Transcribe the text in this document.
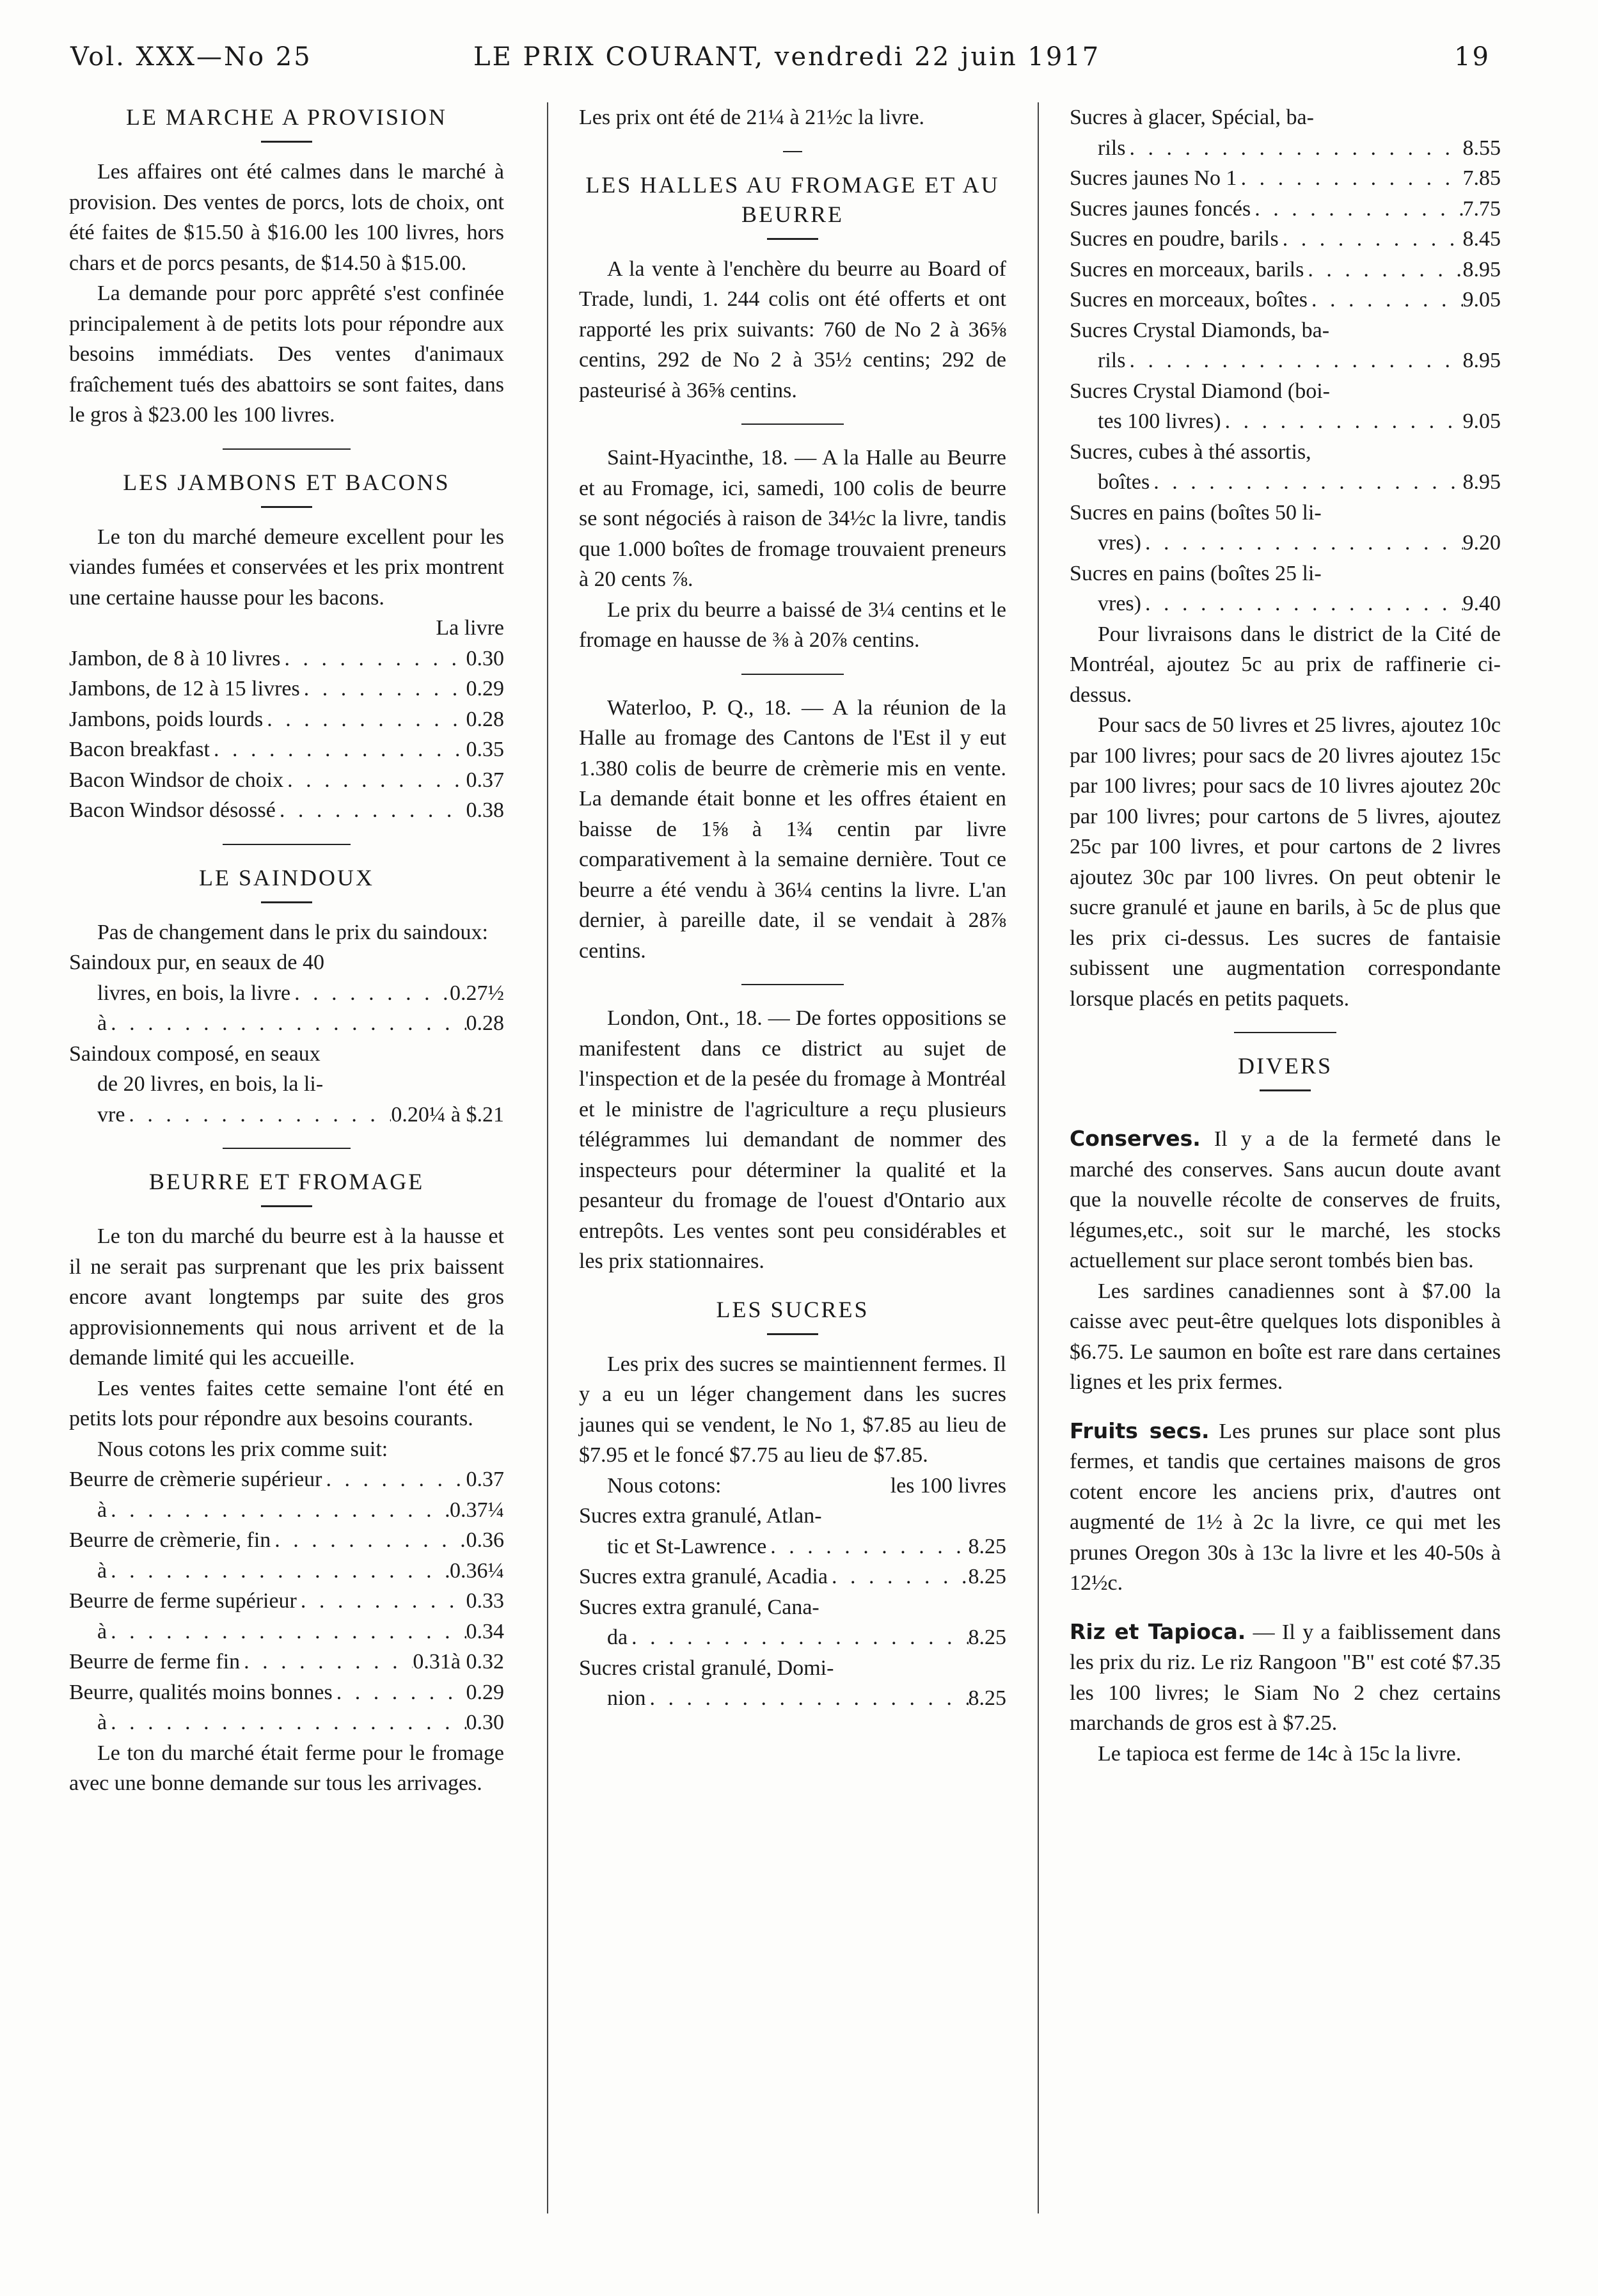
Vol. XXX—No 25	LE PRIX COURANT, vendredi 22 juin 1917	19
LE MARCHE A PROVISION

Les affaires ont été calmes dans le marché à provision. Des ventes de porcs, lots de choix, ont été faites de $15.50 à $16.00 les 100 livres, hors chars et de porcs pesants, de $14.50 à $15.00.

La demande pour porc apprêté s'est confinée principalement à de petits lots pour répondre aux besoins immédiats. Des ventes d'animaux fraîchement tués des abattoirs se sont faites, dans le gros à $23.00 les 100 livres.

LES JAMBONS ET BACONS

Le ton du marché demeure excellent pour les viandes fumées et conservées et les prix montrent une certaine hausse pour les bacons.

La livre
Jambon, de 8 à 10 livres . . .	0.30
Jambons, de 12 à 15 livres . . .	0.29
Jambons, poids lourds . . .	0.28
Bacon breakfast . . .	0.35
Bacon Windsor de choix . . .	0.37
Bacon Windsor désossé . . .	0.38
LE SAINDOUX

Pas de changement dans le prix du saindoux:

Saindoux pur, en seaux de 40
livres, en bois, la livre . . .	0.27½
à . . .	0.28
Saindoux composé, en seaux
de 20 livres, en bois, la li-
vre . . .	0.20¼ à $.21
BEURRE ET FROMAGE

Le ton du marché du beurre est à la hausse et il ne serait pas surprenant que les prix baissent encore avant longtemps par suite des gros approvisionnements qui nous arrivent et de la demande limité qui les accueille.

Les ventes faites cette semaine l'ont été en petits lots pour répondre aux besoins courants.

Nous cotons les prix comme suit:

Beurre de crèmerie supérieur . . .	0.37
à . . .	0.37¼
Beurre de crèmerie, fin . . .	0.36
à . . .	0.36¼
Beurre de ferme supérieur . . .	0.33
à . . .	0.34
Beurre de ferme fin . . .	0.31à 0.32
Beurre, qualités moins bonnes . . .	0.29
à . . .	0.30

Le ton du marché était ferme pour le fromage avec une bonne demande sur tous les arrivages.

Les prix ont été de 21¼ à 21½c la livre.

LES HALLES AU FROMAGE ET AU BEURRE

A la vente à l'enchère du beurre au Board of Trade, lundi, 1. 244 colis ont été offerts et ont rapporté les prix suivants: 760 de No 2 à 36⅝ centins, 292 de No 2 à 35½ centins; 292 de pasteurisé à 36⅝ centins.

Saint-Hyacinthe, 18. — A la Halle au Beurre et au Fromage, ici, samedi, 100 colis de beurre se sont négociés à raison de 34½c la livre, tandis que 1.000 boîtes de fromage trouvaient preneurs à 20 cents ⅞.

Le prix du beurre a baissé de 3¼ centins et le fromage en hausse de ⅜ à 20⅞ centins.

Waterloo, P. Q., 18. — A la réunion de la Halle au fromage des Cantons de l'Est il y eut 1.380 colis de beurre de crèmerie mis en vente. La demande était bonne et les offres étaient en baisse de 1⅝ à 1¾ centin par livre comparativement à la semaine dernière. Tout ce beurre a été vendu à 36¼ centins la livre. L'an dernier, à pareille date, il se vendait à 28⅞ centins.

London, Ont., 18. — De fortes oppositions se manifestent dans ce district au sujet de l'inspection et de la pesée du fromage à Montréal et le ministre de l'agriculture a reçu plusieurs télégrammes lui demandant de nommer des inspecteurs pour déterminer la qualité et la pesanteur du fromage de l'ouest d'Ontario aux entrepôts. Les ventes sont peu considérables et les prix stationnaires.

LES SUCRES

Les prix des sucres se maintiennent fermes. Il y a eu un léger changement dans les sucres jaunes qui se vendent, le No 1, $7.85 au lieu de $7.95 et le foncé $7.75 au lieu de $7.85.

Nous cotons:	les 100 livres
Sucres extra granulé, Atlan-
tic et St-Lawrence . . .	8.25
Sucres extra granulé, Acadia . . .	8.25
Sucres extra granulé, Cana-
da . . .	8.25
Sucres cristal granulé, Domi-
nion . . .	8.25
Sucres à glacer, Spécial, ba-
rils . . .	8.55
Sucres jaunes No 1 . . .	7.85
Sucres jaunes foncés . . .	7.75
Sucres en poudre, barils . . .	8.45
Sucres en morceaux, barils . . .	8.95
Sucres en morceaux, boîtes . . .	9.05
Sucres Crystal Diamonds, ba-
rils . . .	8.95
Sucres Crystal Diamond (boi-
tes 100 livres) . . .	9.05
Sucres, cubes à thé assortis,
boîtes . . .	8.95
Sucres en pains (boîtes 50 li-
vres) . . .	9.20
Sucres en pains (boîtes 25 li-
vres) . . .	9.40

Pour livraisons dans le district de la Cité de Montréal, ajoutez 5c au prix de raffinerie ci-dessus.

Pour sacs de 50 livres et 25 livres, ajoutez 10c par 100 livres; pour sacs de 20 livres ajoutez 15c par 100 livres; pour sacs de 10 livres ajoutez 20c par 100 livres; pour cartons de 5 livres, ajoutez 25c par 100 livres, et pour cartons de 2 livres ajoutez 30c par 100 livres. On peut obtenir le sucre granulé et jaune en barils, à 5c de plus que les prix ci-dessus. Les sucres de fantaisie subissent une augmentation correspondante lorsque placés en petits paquets.

DIVERS

Conserves. Il y a de la fermeté dans le marché des conserves. Sans aucun doute avant que la nouvelle récolte de conserves de fruits, légumes,etc., soit sur le marché, les stocks actuellement sur place seront tombés bien bas.

Les sardines canadiennes sont à $7.00 la caisse avec peut-être quelques lots disponibles à $6.75. Le saumon en boîte est rare dans certaines lignes et les prix fermes.

Fruits secs. Les prunes sur place sont plus fermes, et tandis que certaines maisons de gros cotent encore les anciens prix, d'autres ont augmenté de 1½ à 2c la livre, ce qui met les prunes Oregon 30s à 13c la livre et les 40-50s à 12½c.

Riz et Tapioca. — Il y a faiblissement dans les prix du riz. Le riz Rangoon "B" est coté $7.35 les 100 livres; le Siam No 2 chez certains marchands de gros est à $7.25.

Le tapioca est ferme de 14c à 15c la livre.
